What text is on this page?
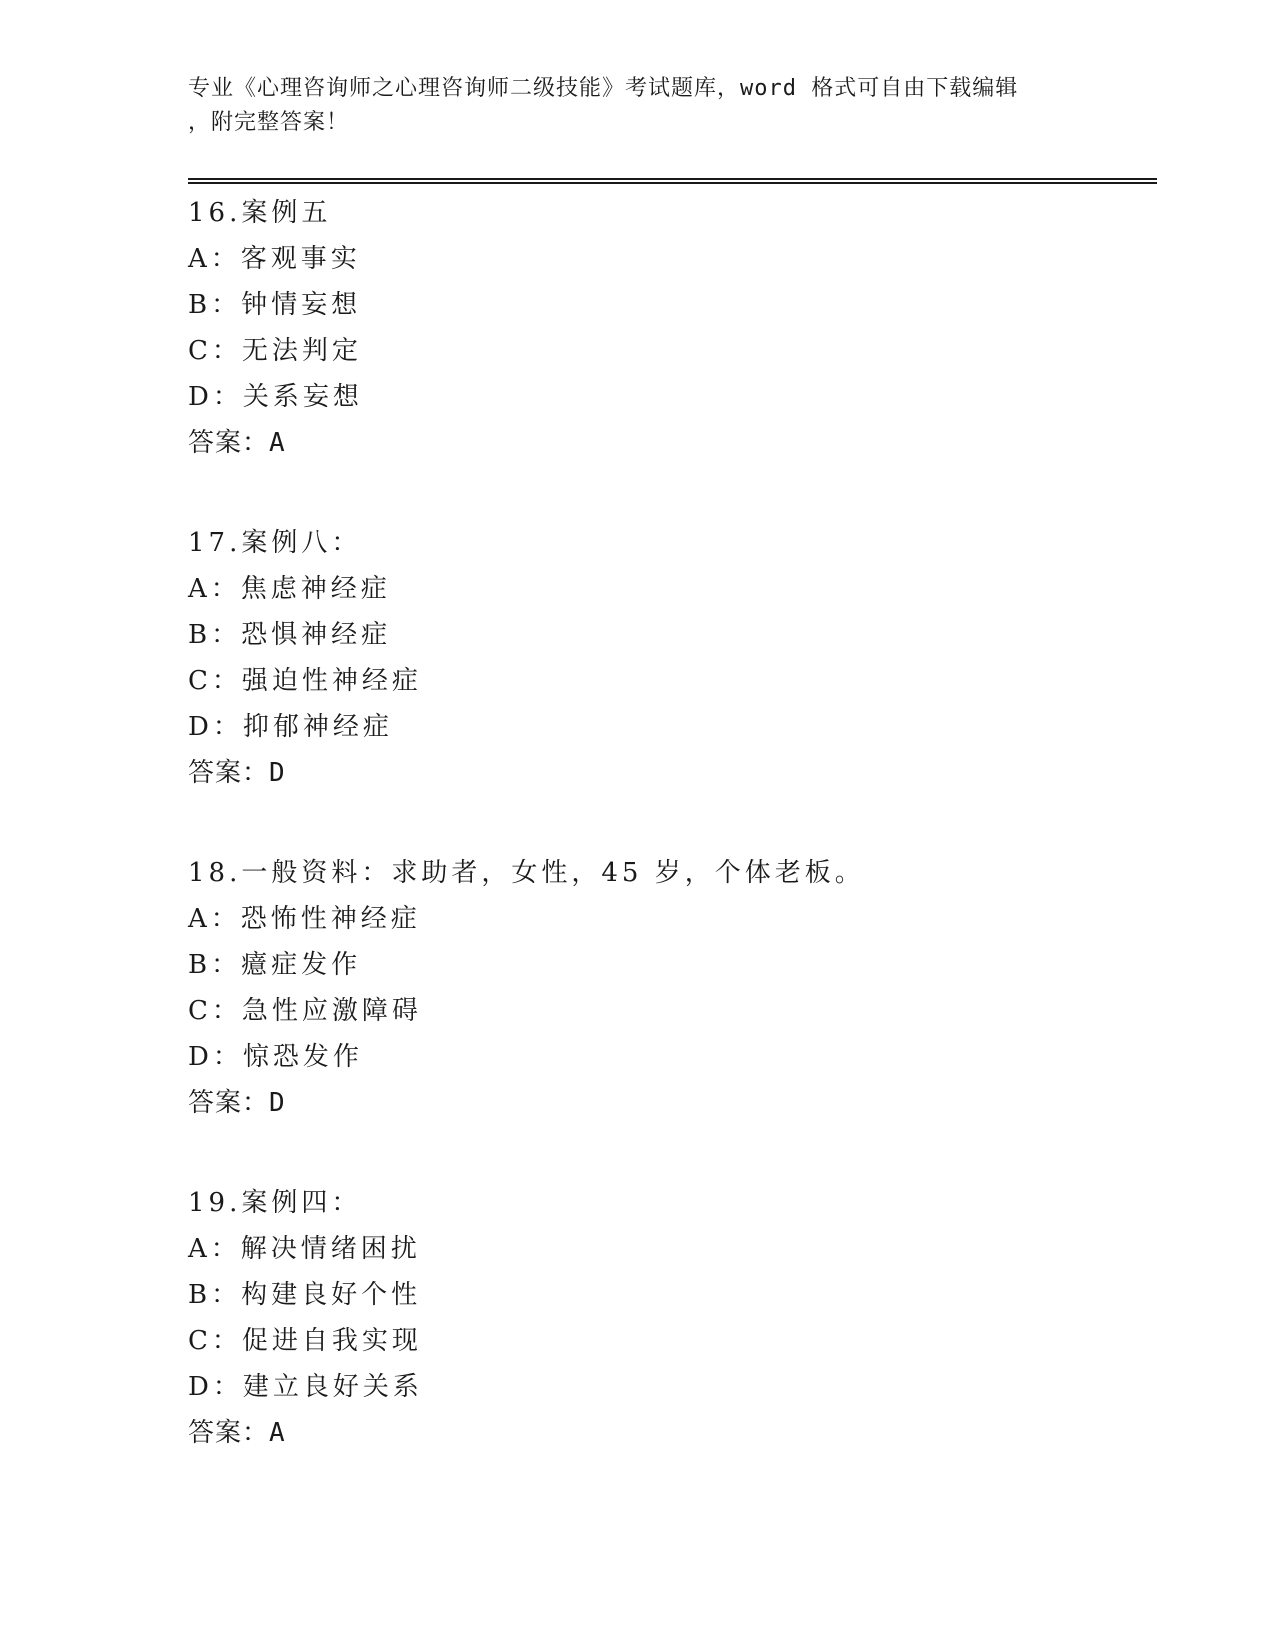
专业《心理咨询师之心理咨询师二级技能》考试题库，word 格式可自由下载编辑
，附完整答案！
16.案例五
A：客观事实
B：钟情妄想
C：无法判定
D：关系妄想
答案：A
17.案例八：
A：焦虑神经症
B：恐惧神经症
C：强迫性神经症
D：抑郁神经症
答案：D
18.一般资料：求助者，女性，45 岁，个体老板。
A：恐怖性神经症
B：癔症发作
C：急性应激障碍
D：惊恐发作
答案：D
19.案例四：
A：解决情绪困扰
B：构建良好个性
C：促进自我实现
D：建立良好关系
答案：A
